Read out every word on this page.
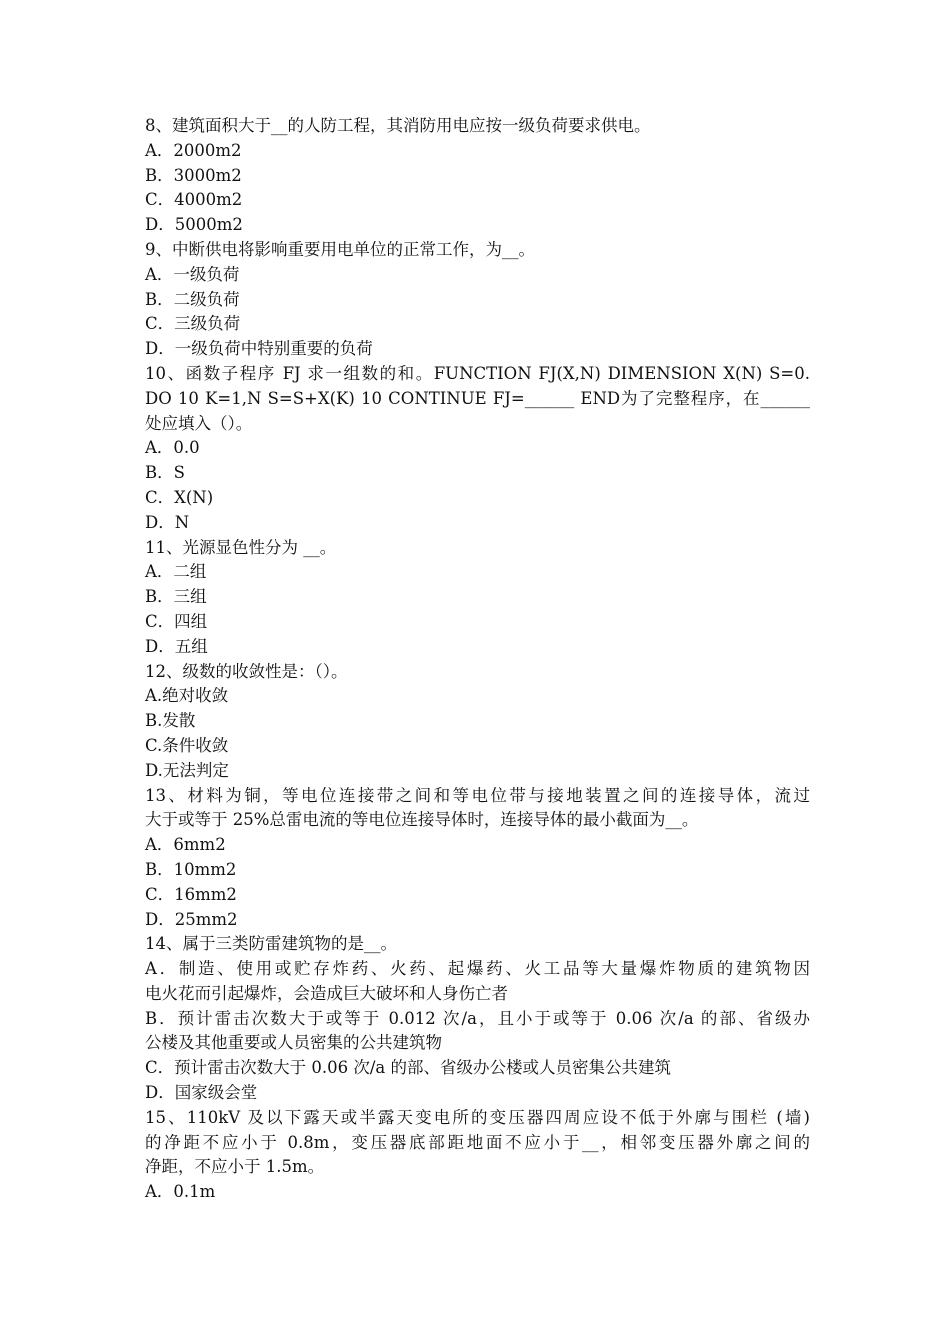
8、建筑面积大于__的人防工程，其消防用电应按一级负荷要求供电。
A．2000m2
B．3000m2
C．4000m2
D．5000m2
9、中断供电将影响重要用电单位的正常工作，为__。
A．一级负荷
B．二级负荷
C．三级负荷
D．一级负荷中特别重要的负荷
10、函数子程序 FJ 求一组数的和。FUNCTION FJ(X,N) DIMENSION X(N) S=0.
DO 10 K=1,N S=S+X(K) 10 CONTINUE FJ=______ END为了完整程序，在______
处应填入（）。
A．0.0
B．S
C．X(N)
D．N
11、光源显色性分为 __。
A．二组
B．三组
C．四组
D．五组
12、级数的收敛性是：（）。
A.绝对收敛
B.发散
C.条件收敛
D.无法判定
13、材料为铜，等电位连接带之间和等电位带与接地装置之间的连接导体，流过
大于或等于 25%总雷电流的等电位连接导体时，连接导体的最小截面为__。
A．6mm2
B．10mm2
C．16mm2
D．25mm2
14、属于三类防雷建筑物的是__。
A．制造、使用或贮存炸药、火药、起爆药、火工品等大量爆炸物质的建筑物因
电火花而引起爆炸，会造成巨大破坏和人身伤亡者
B．预计雷击次数大于或等于 0.012 次/a，且小于或等于 0.06 次/a 的部、省级办
公楼及其他重要或人员密集的公共建筑物
C．预计雷击次数大于 0.06 次/a 的部、省级办公楼或人员密集公共建筑
D．国家级会堂
15、110kV 及以下露天或半露天变电所的变压器四周应设不低于外廓与围栏 (墙)
的净距不应小于 0.8m，变压器底部距地面不应小于__，相邻变压器外廓之间的
净距，不应小于 1.5m。
A．0.1m
